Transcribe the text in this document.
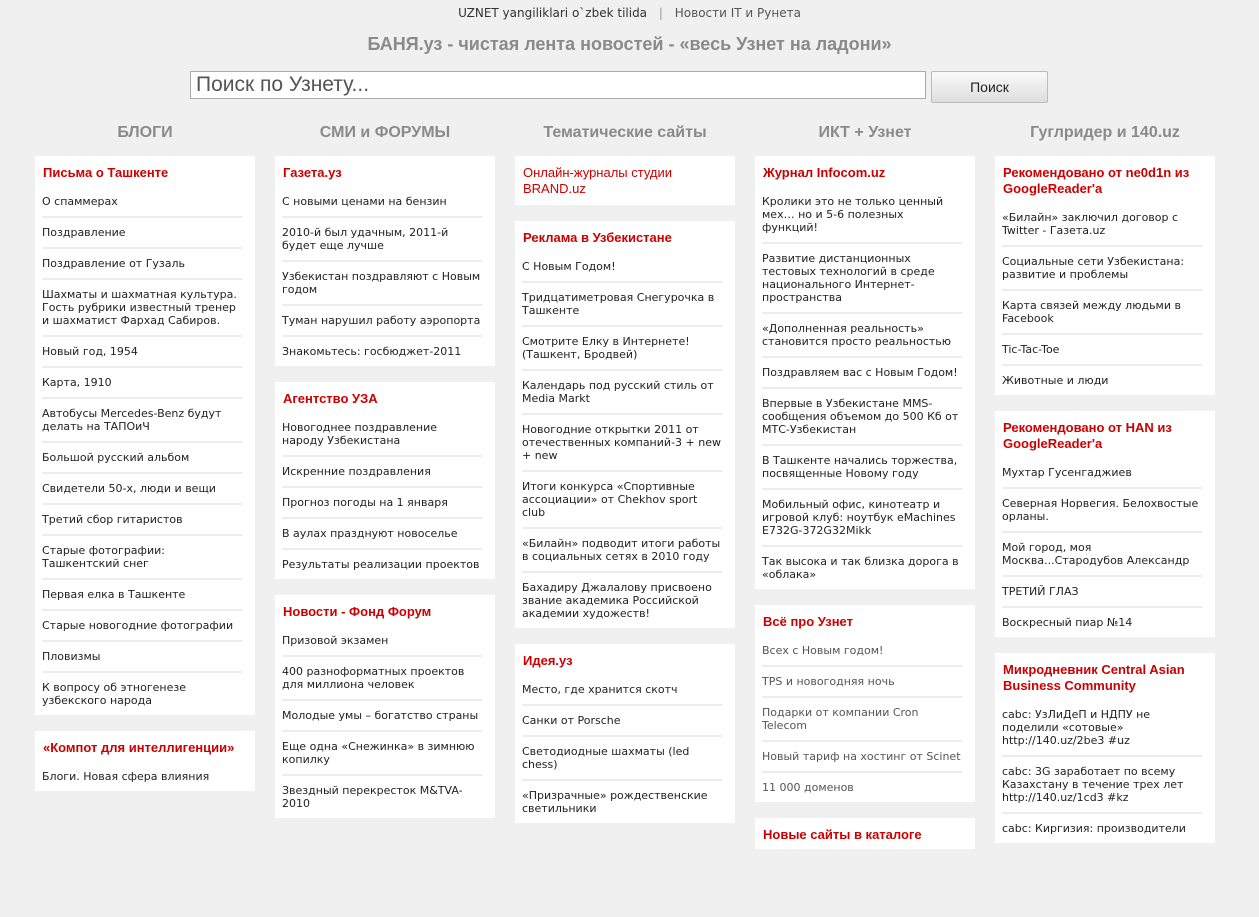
UZNET yangiliklari o`zbek tilida | Новости IT и Рунета
БАНЯ.уз - чистая лента новостей - «весь Узнет на ладони»
Поиск по Узнету...
Поиск
БЛОГИ
Письма о Ташкенте
О спаммерах
Поздравление
Поздравление от Гузаль
Шахматы и шахматная культура. Гость рубрики известный тренер и шахматист Фархад Сабиров.
Новый год, 1954
Карта, 1910
Автобусы Mercedes-Benz будут делать на ТАПОиЧ
Большой русский альбом
Свидетели 50-х, люди и вещи
Третий сбор гитаристов
Старые фотографии: Ташкентский снег
Первая елка в Ташкенте
Старые новогодние фотографии
Пловизмы
К вопросу об этногенезе узбекского народа
«Компот для интеллигенции»
Блоги. Новая сфера влияния
СМИ и ФОРУМЫ
Газета.уз
С новыми ценами на бензин
2010-й был удачным, 2011-й будет еще лучше
Узбекистан поздравляют с Новым годом
Туман нарушил работу аэропорта
Знакомьтесь: госбюджет-2011
Агентство УЗА
Новогоднее поздравление народу Узбекистана
Искренние поздравления
Прогноз погоды на 1 января
В аулах празднуют новоселье
Результаты реализации проектов
Новости - Фонд Форум
Призовой экзамен
400 разноформатных проектов для миллиона человек
Молодые умы – богатство страны
Еще одна «Снежинка» в зимнюю копилку
Звездный перекресток M&TVA-2010
Тематические сайты
Онлайн-журналы студии BRAND.uz
Реклама в Узбекистане
С Новым Годом!
Тридцатиметровая Снегурочка в Ташкенте
Смотрите Елку в Интернете! (Ташкент, Бродвей)
Календарь под русский стиль от Media Markt
Новогодние открытки 2011 от отечественных компаний-3 + new + new
Итоги конкурса «Спортивные ассоциации» от Chekhov sport club
«Билайн» подводит итоги работы в социальных сетях в 2010 году
Бахадиру Джалалову присвоено звание академика Российской академии художеств!
Идея.уз
Место, где хранится скотч
Санки от Porsche
Светодиодные шахматы (led chess)
«Призрачные» рождественские светильники
ИКТ + Узнет
Журнал Infocom.uz
Кролики это не только ценный мех… но и 5-6 полезных функций!
Развитие дистанционных тестовых технологий в среде национального Интернет-пространства
«Дополненная реальность» становится просто реальностью
Поздравляем вас с Новым Годом!
Впервые в Узбекистане MMS-сообщения объемом до 500 Кб от МТС-Узбекистан
В Ташкенте начались торжества, посвященные Новому году
Мобильный офис, кинотеатр и игровой клуб: ноутбук eMachines E732G-372G32Mikk
Так высока и так близка дорога в «облака»
Всё про Узнет
Всех с Новым годом!
TPS и новогодняя ночь
Подарки от компании Cron Telecom
Новый тариф на хостинг от Scinet
11 000 доменов
Новые сайты в каталоге
Гуглридер и 140.uz
Рекомендовано от ne0d1n из GoogleReader'a
«Билайн» заключил договор с Twitter - Газета.uz
Социальные сети Узбекистана: развитие и проблемы
Карта связей между людьми в Facebook
Tic-Tac-Toe
Животные и люди
Рекомендовано от HAN из GoogleReader'a
Мухтар Гусенгаджиев
Северная Норвегия. Белохвостые орланы.
Мой город, моя Москва...Стародубов Александр
ТРЕТИЙ ГЛАЗ
Воскресный пиар №14
Микродневник Central Asian Business Community
cabc: УзЛиДеП и НДПУ не поделили «сотовые» http://140.uz/2be3 #uz
cabc: 3G заработает по всему Казахстану в течение трех лет http://140.uz/1cd3 #kz
cabc: Киргизия: производители
